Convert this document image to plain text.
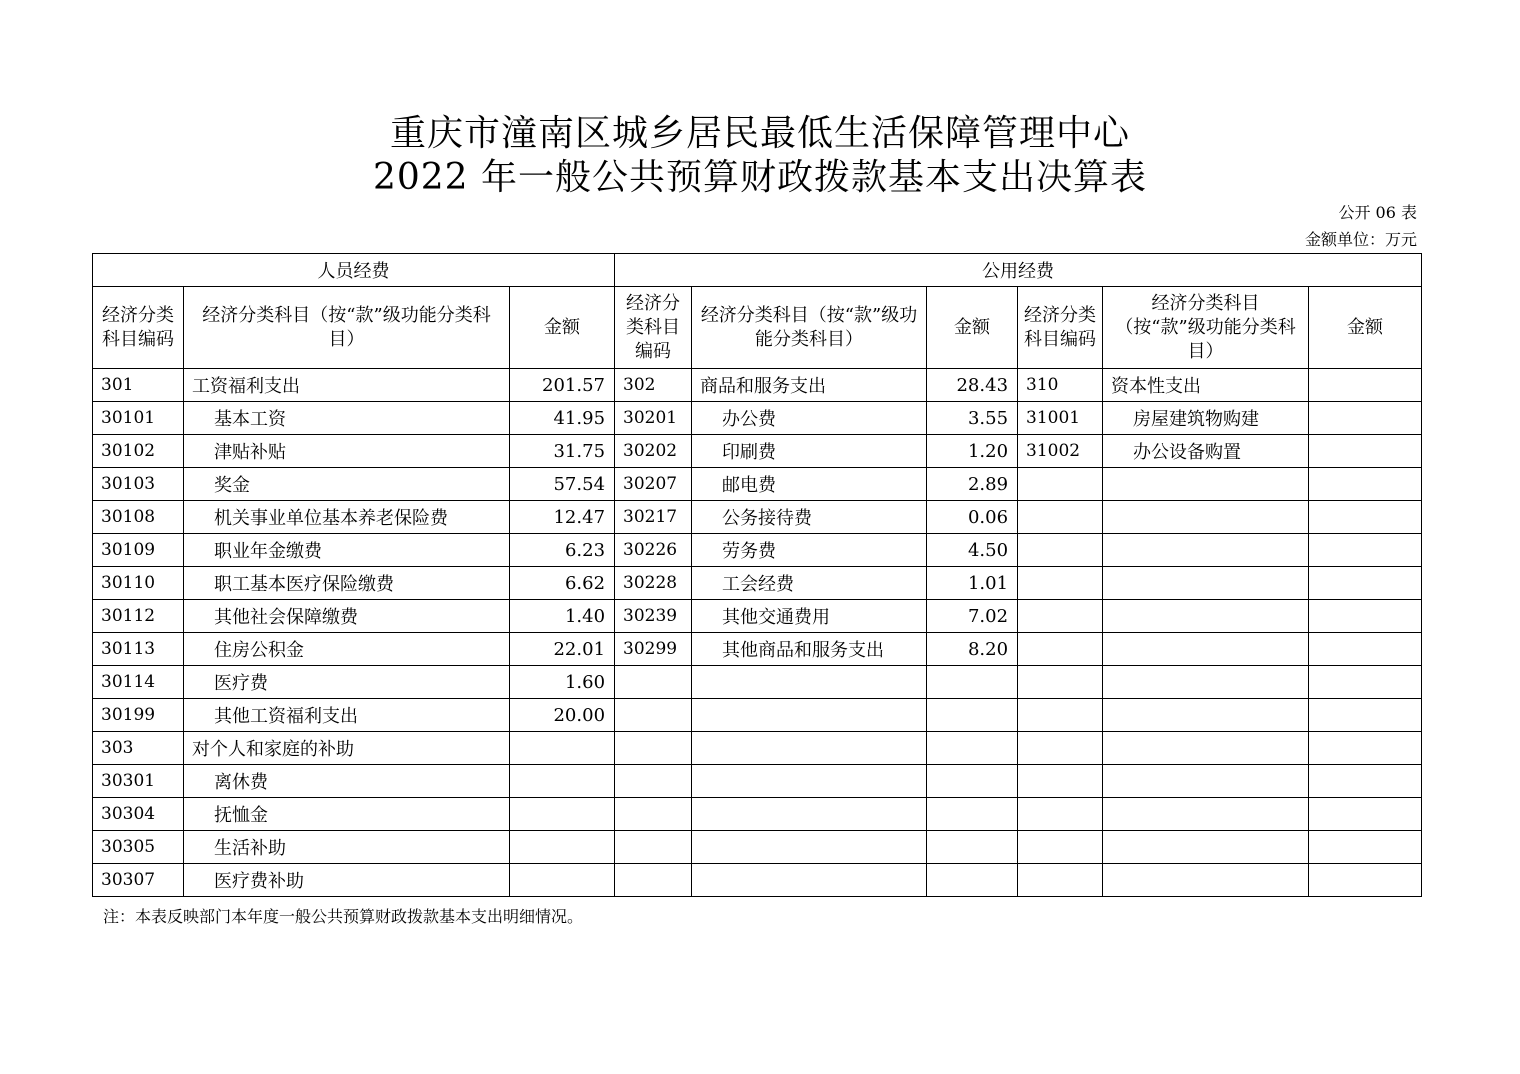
重庆市潼南区城乡居民最低生活保障管理中心
2022 年一般公共预算财政拨款基本支出决算表
公开 06 表
金额单位：万元
人员经费			公用经费					
经济分类科目编码	经济分类科目（按“款”级功能分类科目）	金额	经济分类科目编码	经济分类科目（按“款”级功能分类科目）	金额	经济分类科目编码	经济分类科目（按“款”级功能分类科目）	金额
301	工资福利支出	201.57	302	商品和服务支出	28.43	310	资本性支出	
30101	基本工资	41.95	30201	办公费	3.55	31001	房屋建筑物购建	
30102	津贴补贴	31.75	30202	印刷费	1.20	31002	办公设备购置	
30103	奖金	57.54	30207	邮电费	2.89			
30108	机关事业单位基本养老保险费	12.47	30217	公务接待费	0.06			
30109	职业年金缴费	6.23	30226	劳务费	4.50			
30110	职工基本医疗保险缴费	6.62	30228	工会经费	1.01			
30112	其他社会保障缴费	1.40	30239	其他交通费用	7.02			
30113	住房公积金	22.01	30299	其他商品和服务支出	8.20			
30114	医疗费	1.60						
30199	其他工资福利支出	20.00						
303	对个人和家庭的补助							
30301	离休费							
30304	抚恤金							
30305	生活补助							
30307	医疗费补助							
注：本表反映部门本年度一般公共预算财政拨款基本支出明细情况。
